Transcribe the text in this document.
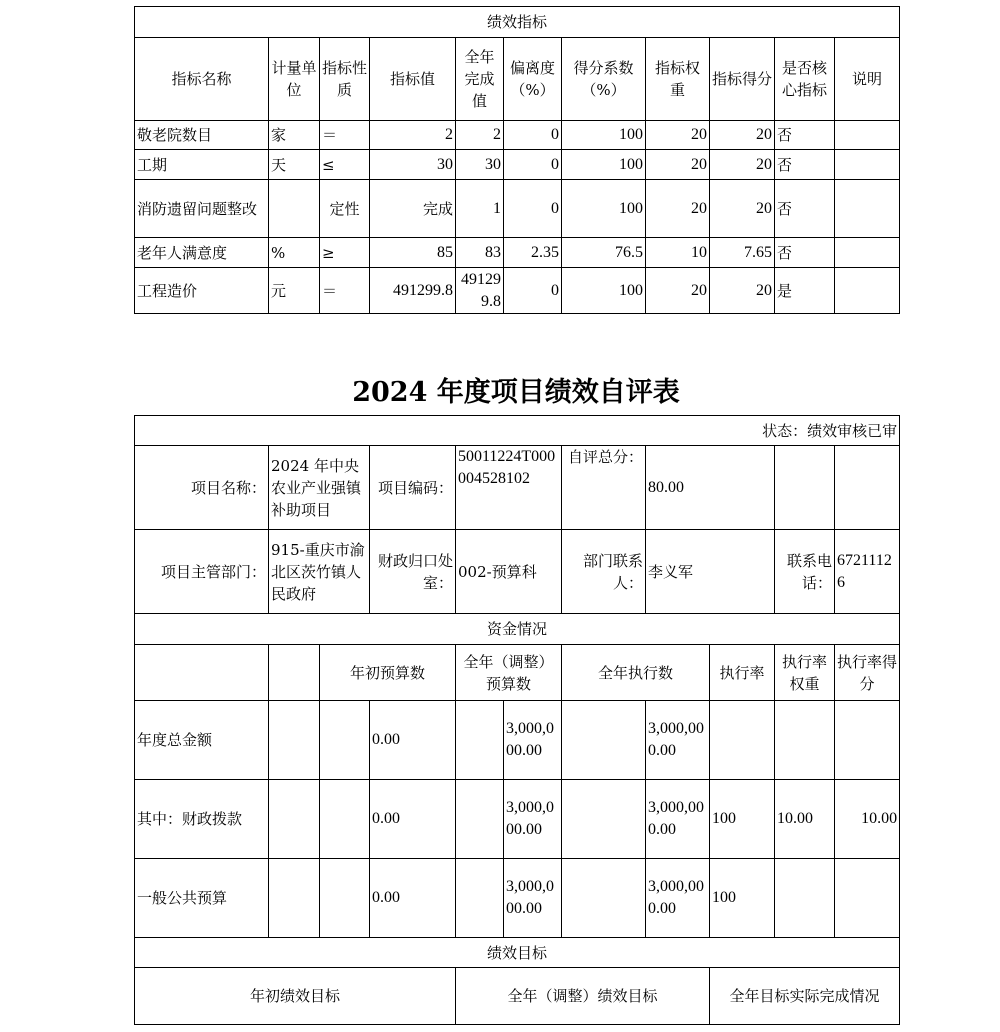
绩效指标										
指标名称	计量单位	指标性质	指标值	全年完成值	偏离度（%）	得分系数（%）	指标权重	指标得分	是否核心指标	说明
敬老院数目	家	＝	2	2	0	100	20	20	否	
工期	天	≤	30	30	0	100	20	20	否	
消防遗留问题整改		定性	完成	1	0	100	20	20	否	
老年人满意度	%	≥	85	83	2.35	76.5	10	7.65	否	
工程造价	元	＝	491299.8	491299.8	0	100	20	20	是	
2024 年度项目绩效自评表
状态：绩效审核已审										
项目名称：	2024 年中央农业产业强镇补助项目		项目编码：	50011224T000004528102		自评总分：	80.00			
项目主管部门：	915-重庆市渝北区茨竹镇人民政府		财政归口处室：	002-预算科		部门联系人：	李义军		联系电话：	67211126
资金情况										
		年初预算数		全年（调整）预算数		全年执行数		执行率	执行率权重	执行率得分
年度总金额			0.00		3,000,000.00		3,000,000.00			
其中：财政拨款			0.00		3,000,000.00		3,000,000.00	100	10.00	10.00
一般公共预算			0.00		3,000,000.00		3,000,000.00	100		
绩效目标										
年初绩效目标				全年（调整）绩效目标				全年目标实际完成情况		
